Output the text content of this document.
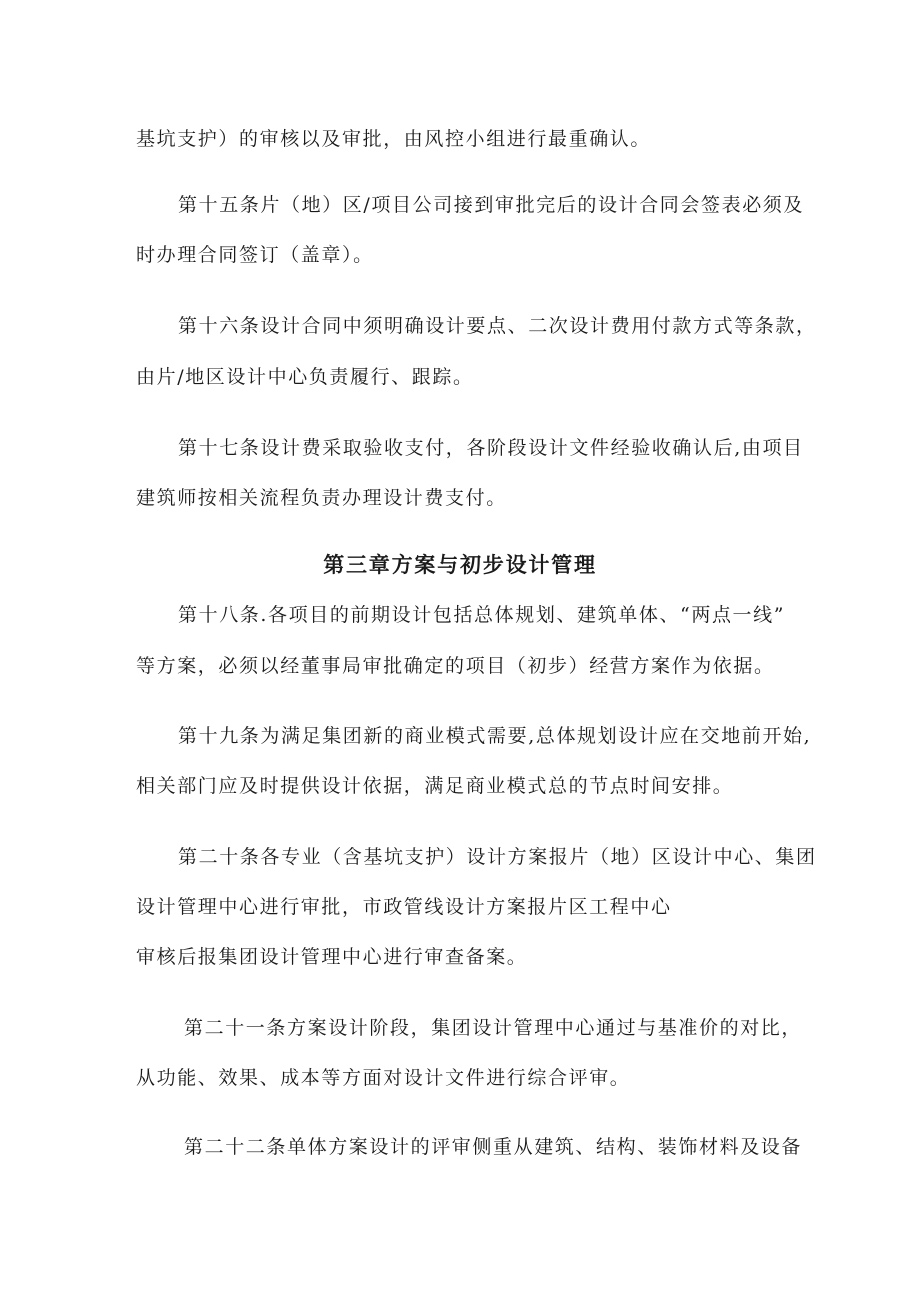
基坑支护）的审核以及审批，由风控小组进行最重确认。
第十五条片（地）区/项目公司接到审批完后的设计合同会签表必须及
时办理合同签订（盖章）。
第十六条设计合同中须明确设计要点、二次设计费用付款方式等条款，
由片/地区设计中心负责履行、跟踪。
第十七条设计费采取验收支付，各阶段设计文件经验收确认后,由项目
建筑师按相关流程负责办理设计费支付。
第三章方案与初步设计管理
第十八条.各项目的前期设计包括总体规划、建筑单体、“两点一线”
等方案，必须以经董事局审批确定的项目（初步）经营方案作为依据。
第十九条为满足集团新的商业模式需要,总体规划设计应在交地前开始,
相关部门应及时提供设计依据，满足商业模式总的节点时间安排。
第二十条各专业（含基坑支护）设计方案报片（地）区设计中心、集团
设计管理中心进行审批，市政管线设计方案报片区工程中心
审核后报集团设计管理中心进行审查备案。
第二十一条方案设计阶段，集团设计管理中心通过与基准价的对比，
从功能、效果、成本等方面对设计文件进行综合评审。
第二十二条单体方案设计的评审侧重从建筑、结构、装饰材料及设备
